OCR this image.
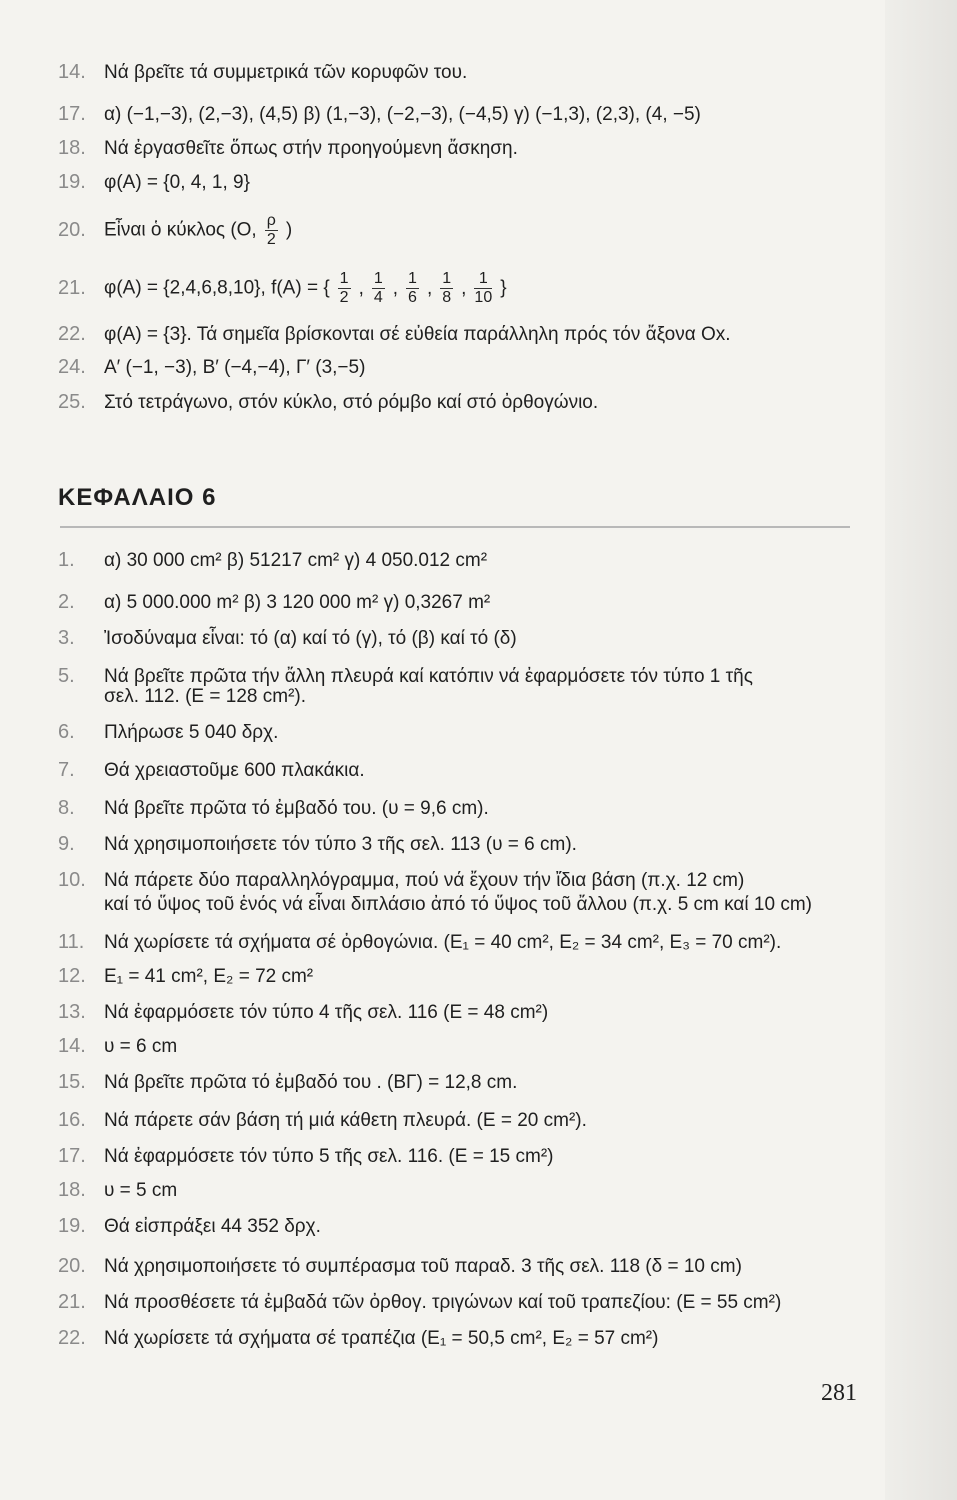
14. Νά βρεῖτε τά συμμετρικά τῶν κορυφῶν του.
17. α) (−1,−3), (2,−3), (4,5) β) (1,−3), (−2,−3), (−4,5) γ) (−1,3), (2,3), (4, −5)
18. Νά ἐργασθεῖτε ὅπως στήν προηγούμενη ἄσκηση.
19. φ(Α) = {0, 4, 1, 9}
22. φ(Α) = {3}. Τά σημεῖα βρίσκονται σέ εὐθεία παράλληλη πρός τόν ἄξονα Ox.
24. Α′ (−1, −3), Β′ (−4,−4), Γ′ (3,−5)
25. Στό τετράγωνο, στόν κύκλο, στό ρόμβο καί στό ὀρθογώνιο.
1. α) 30 000 cm² β) 51217 cm² γ) 4 050.012 cm²
2. α) 5 000.000 m² β) 3 120 000 m² γ) 0,3267 m²
3. Ἰσοδύναμα εἶναι: τό (α) καί τό (γ), τό (β) καί τό (δ)
5. Νά βρεῖτε πρῶτα τήν ἄλλη πλευρά καί κατόπιν νά ἐφαρμόσετε τόν τύπο 1 τῆς
σελ. 112. (Ε = 128 cm²).
6. Πλήρωσε 5 040 δρχ.
7. Θά χρειαστοῦμε 600 πλακάκια.
8. Νά βρεῖτε πρῶτα τό ἐμβαδό του. (υ = 9,6 cm).
9. Νά χρησιμοποιήσετε τόν τύπο 3 τῆς σελ. 113 (υ = 6 cm).
10. Νά πάρετε δύο παραλληλόγραμμα, πού νά ἔχουν τήν ἴδια βάση (π.χ. 12 cm)
καί τό ὕψος τοῦ ἑνός νά εἶναι διπλάσιο ἀπό τό ὕψος τοῦ ἄλλου (π.χ. 5 cm καί 10 cm)
11. Νά χωρίσετε τά σχήματα σέ ὀρθογώνια. (Ε₁ = 40 cm², Ε₂ = 34 cm², Ε₃ = 70 cm²).
12. Ε₁ = 41 cm², Ε₂ = 72 cm²
13. Νά ἐφαρμόσετε τόν τύπο 4 τῆς σελ. 116 (Ε = 48 cm²)
14. υ = 6 cm
15. Νά βρεῖτε πρῶτα τό ἐμβαδό του . (ΒΓ) = 12,8 cm.
16. Νά πάρετε σάν βάση τή μιά κάθετη πλευρά. (Ε = 20 cm²).
17. Νά ἐφαρμόσετε τόν τύπο 5 τῆς σελ. 116. (Ε = 15 cm²)
18. υ = 5 cm
19. Θά εἰσπράξει 44 352 δρχ.
20. Νά χρησιμοποιήσετε τό συμπέρασμα τοῦ παραδ. 3 τῆς σελ. 118 (δ = 10 cm)
21. Νά προσθέσετε τά ἐμβαδά τῶν ὀρθογ. τριγώνων καί τοῦ τραπεζίου: (Ε = 55 cm²)
22. Νά χωρίσετε τά σχήματα σέ τραπέζια (Ε₁ = 50,5 cm², Ε₂ = 57 cm²)
20. Εἶναι ὁ κύκλος (Ο, $\frac{\rho}{2}$ )
21. φ(Α) = {2,4,6,8,10}, f(Α) = { $\frac{1}{2}$ , $\frac{1}{4}$ , $\frac{1}{6}$ , $\frac{1}{8}$ , $\frac{1}{10}$ }
ΚΕΦΑΛΑΙΟ 6
281
